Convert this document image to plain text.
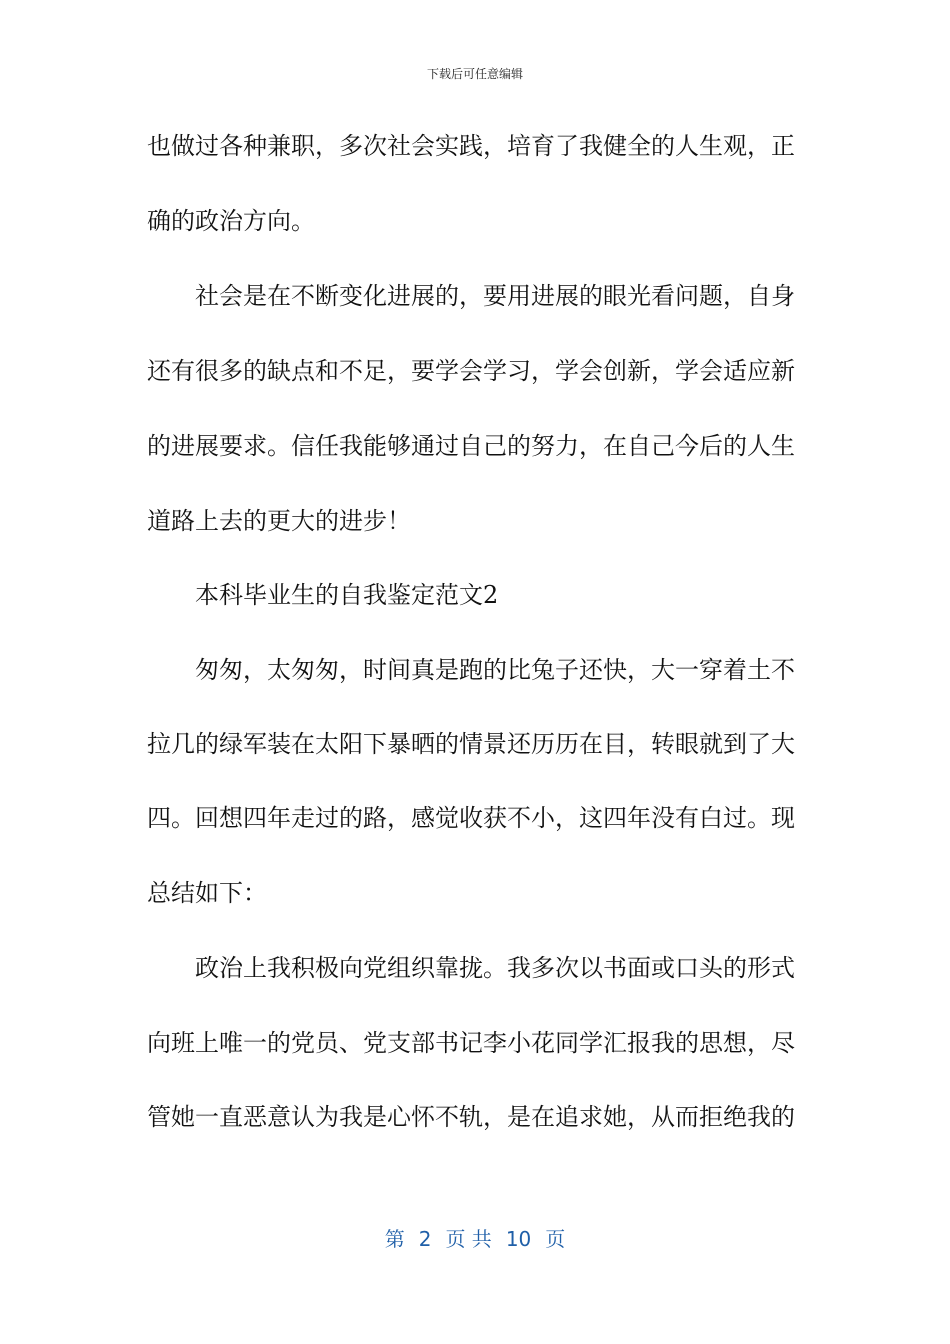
下载后可任意编辑
也做过各种兼职，多次社会实践，培育了我健全的人生观，正
确的政治方向。
社会是在不断变化进展的，要用进展的眼光看问题，自身
还有很多的缺点和不足，要学会学习，学会创新，学会适应新
的进展要求。信任我能够通过自己的努力，在自己今后的人生
道路上去的更大的进步！
本科毕业生的自我鉴定范文2
匆匆，太匆匆，时间真是跑的比兔子还快，大一穿着土不
拉几的绿军装在太阳下暴晒的情景还历历在目，转眼就到了大
四。回想四年走过的路，感觉收获不小，这四年没有白过。现
总结如下：
政治上我积极向党组织靠拢。我多次以书面或口头的形式
向班上唯一的党员、党支部书记李小花同学汇报我的思想，尽
管她一直恶意认为我是心怀不轨，是在追求她，从而拒绝我的
第 2 页 共 10 页
